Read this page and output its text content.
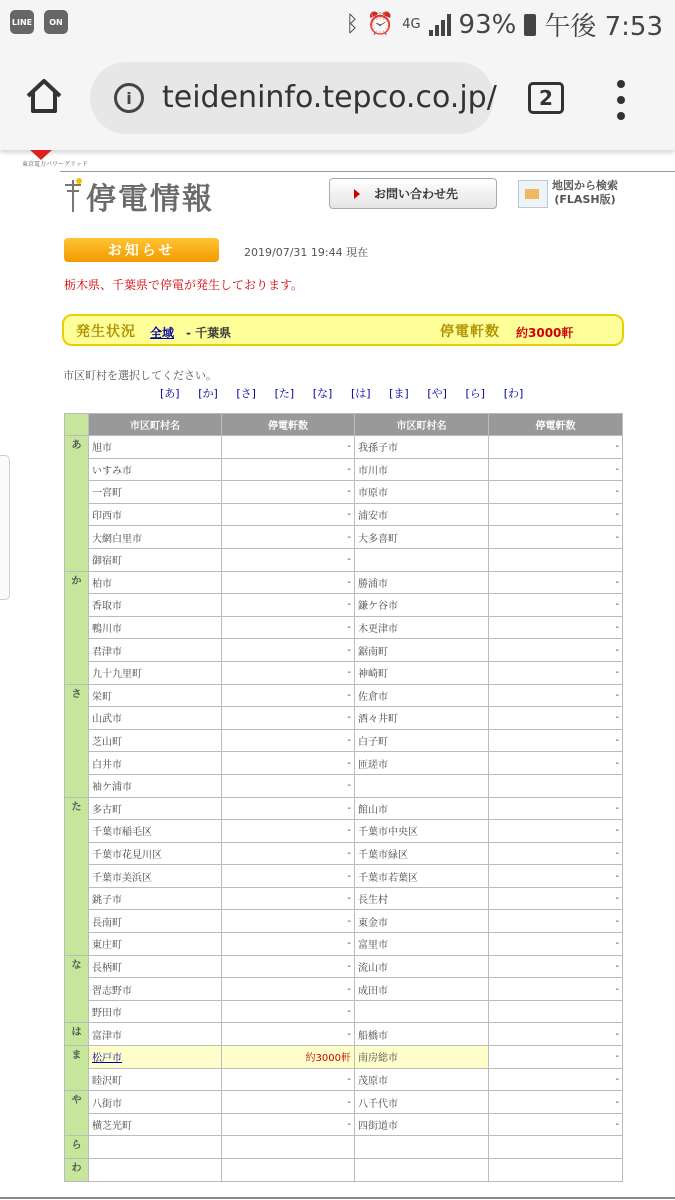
LINE	ON	ᛒ ⏰ 4G 93% 午後 7:53
i	teideninfo.tepco.co.jp/	2
東京電力パワーグリッド
停電情報	お問い合わせ先
地図から検索
(FLASH版)
お知らせ	2019/07/31 19:44 現在
栃木県、千葉県で停電が発生しております。
発生状況 全域 - 千葉県	停電軒数 約3000軒
市区町村を選択してください。
[あ]	[か]	[さ]	[た]	[な]	[は]	[ま]	[や]	[ら]	[わ]
	市区町村名	停電軒数	市区町村名	停電軒数
あ	旭市	-	我孫子市	-
	いすみ市	-	市川市	-
	一宮町	-	市原市	-
	印西市	-	浦安市	-
	大網白里市	-	大多喜町	-
	御宿町	-		
か	柏市	-	勝浦市	-
	香取市	-	鎌ケ谷市	-
	鴨川市	-	木更津市	-
	君津市	-	鋸南町	-
	九十九里町	-	神崎町	-
さ	栄町	-	佐倉市	-
	山武市	-	酒々井町	-
	芝山町	-	白子町	-
	白井市	-	匝瑳市	-
	袖ケ浦市	-		
た	多古町	-	館山市	-
	千葉市稲毛区	-	千葉市中央区	-
	千葉市花見川区	-	千葉市緑区	-
	千葉市美浜区	-	千葉市若葉区	-
	銚子市	-	長生村	-
	長南町	-	東金市	-
	東庄町	-	富里市	-
な	長柄町	-	流山市	-
	習志野市	-	成田市	-
	野田市	-		
は	富津市	-	船橋市	-
ま	松戸市	約3000軒	南房総市	-
	睦沢町	-	茂原市	-
や	八街市	-	八千代市	-
	横芝光町	-	四街道市	-
ら				
わ				
